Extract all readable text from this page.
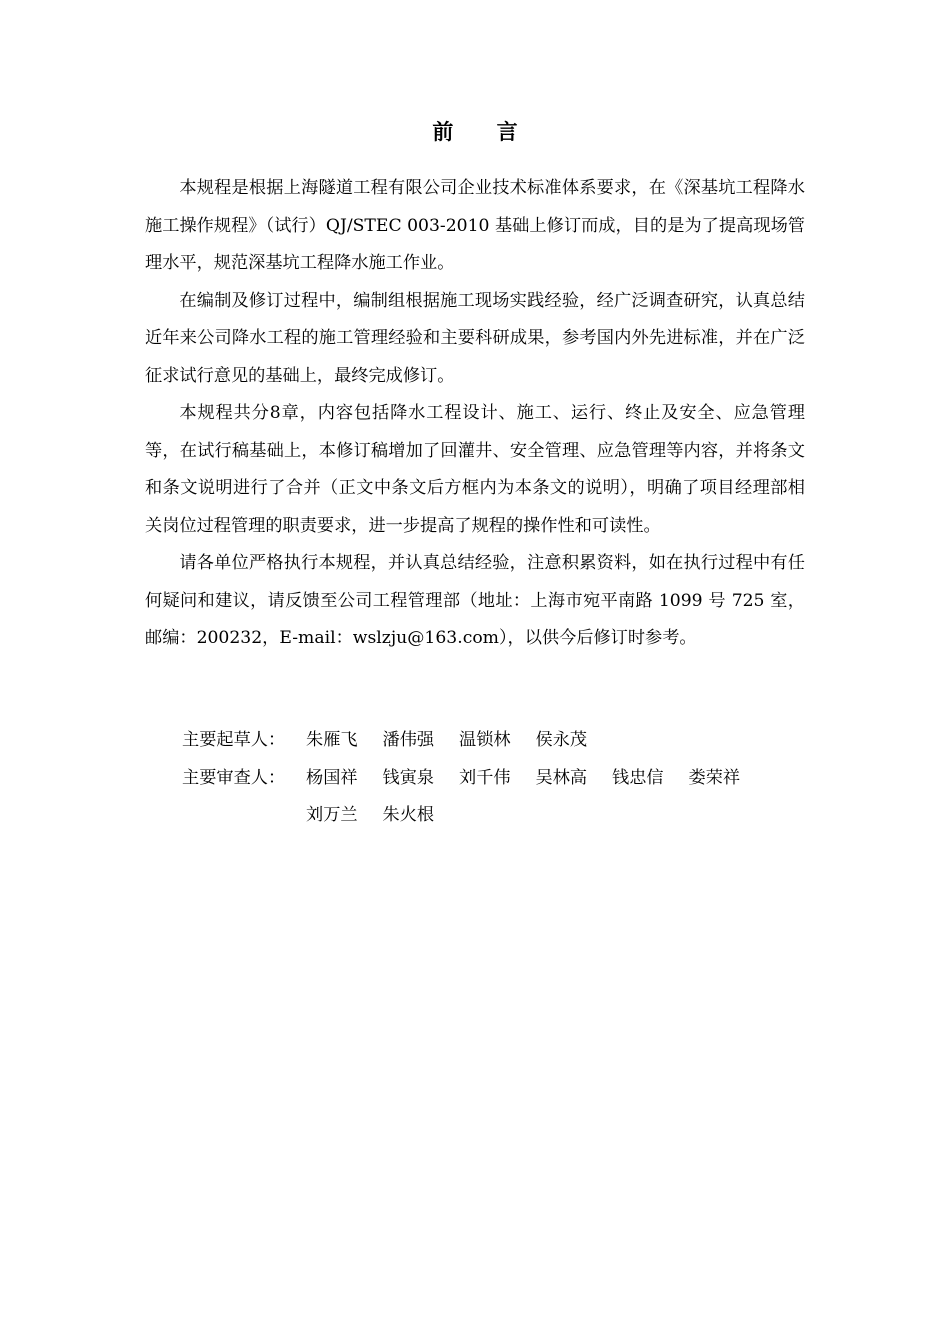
前 言

本规程是根据上海隧道工程有限公司企业技术标准体系要求，在《深基坑工程降水施工操作规程》（试行）QJ/STEC 003-2010 基础上修订而成，目的是为了提高现场管理水平，规范深基坑工程降水施工作业。

在编制及修订过程中，编制组根据施工现场实践经验，经广泛调查研究，认真总结近年来公司降水工程的施工管理经验和主要科研成果，参考国内外先进标准，并在广泛征求试行意见的基础上，最终完成修订。

本规程共分8章，内容包括降水工程设计、施工、运行、终止及安全、应急管理等，在试行稿基础上，本修订稿增加了回灌井、安全管理、应急管理等内容，并将条文和条文说明进行了合并（正文中条文后方框内为本条文的说明），明确了项目经理部相关岗位过程管理的职责要求，进一步提高了规程的操作性和可读性。

请各单位严格执行本规程，并认真总结经验，注意积累资料，如在执行过程中有任何疑问和建议，请反馈至公司工程管理部（地址：上海市宛平南路 1099 号 725 室，邮编：200232，E-mail：wslzju@163.com），以供今后修订时参考。

主要起草人：	朱雁飞	潘伟强	温锁林	侯永茂
主要审查人：	杨国祥	钱寅泉	刘千伟	吴林高	钱忠信	娄荣祥
刘万兰	朱火根
